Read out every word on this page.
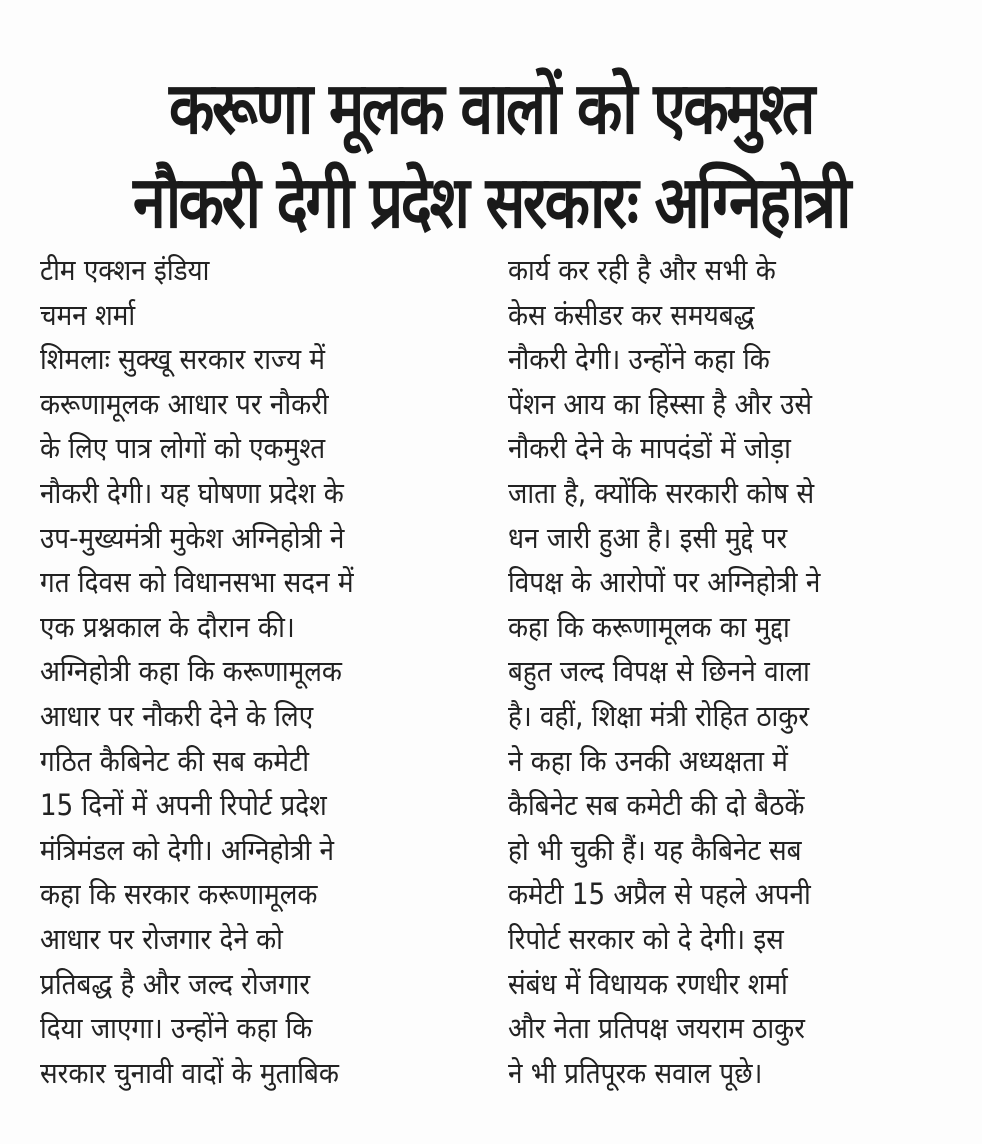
करूणा मूलक वालों को एकमुश्त
नौकरी देगी प्रदेश सरकारः अग्निहोत्री
टीम एक्शन इंडिया
चमन शर्मा
शिमलाः सुक्खू सरकार राज्य में
करूणामूलक आधार पर नौकरी
के लिए पात्र लोगों को एकमुश्त
नौकरी देगी। यह घोषणा प्रदेश के
उप-मुख्यमंत्री मुकेश अग्निहोत्री ने
गत दिवस को विधानसभा सदन में
एक प्रश्नकाल के दौरान की।
अग्निहोत्री कहा कि करूणामूलक
आधार पर नौकरी देने के लिए
गठित कैबिनेट की सब कमेटी
15 दिनों में अपनी रिपोर्ट प्रदेश
मंत्रिमंडल को देगी। अग्निहोत्री ने
कहा कि सरकार करूणामूलक
आधार पर रोजगार देने को
प्रतिबद्ध है और जल्द रोजगार
दिया जाएगा। उन्होंने कहा कि
सरकार चुनावी वादों के मुताबिक
कार्य कर रही है और सभी के
केस कंसीडर कर समयबद्ध
नौकरी देगी। उन्होंने कहा कि
पेंशन आय का हिस्सा है और उसे
नौकरी देने के मापदंडों में जोड़ा
जाता है, क्योंकि सरकारी कोष से
धन जारी हुआ है। इसी मुद्दे पर
विपक्ष के आरोपों पर अग्निहोत्री ने
कहा कि करूणामूलक का मुद्दा
बहुत जल्द विपक्ष से छिनने वाला
है। वहीं, शिक्षा मंत्री रोहित ठाकुर
ने कहा कि उनकी अध्यक्षता में
कैबिनेट सब कमेटी की दो बैठकें
हो भी चुकी हैं। यह कैबिनेट सब
कमेटी 15 अप्रैल से पहले अपनी
रिपोर्ट सरकार को दे देगी। इस
संबंध में विधायक रणधीर शर्मा
और नेता प्रतिपक्ष जयराम ठाकुर
ने भी प्रतिपूरक सवाल पूछे।
